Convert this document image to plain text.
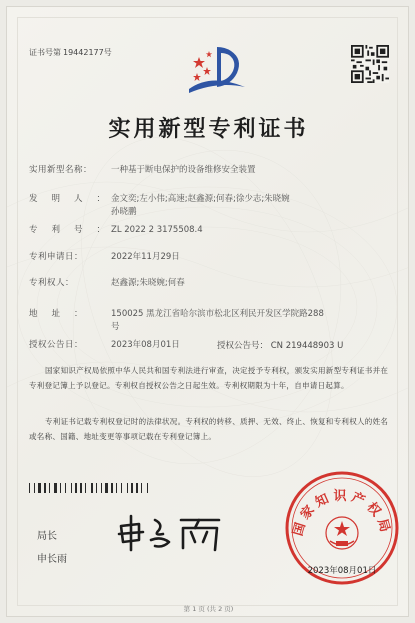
证书号第 19442177号
实用新型专利证书
实用新型名称： 一种基于断电保护的设备维修安全装置
发明人：
金文奕;左小伟;高速;赵鑫源;何春;徐少志;朱晓婉
孙晓鹏
专利号：
ZL 2022 2 3175508.4
专利申请日：	2022年11月29日
专利权人：	赵鑫源;朱晓婉;何春
地址： 150025 黑龙江省哈尔滨市松北区利民开发区学院路288
号
授权公告日：	2023年08月01日	授权公告号： CN 219448903 U
国家知识产权局依照中华人民共和国专利法进行审查，决定授予专利权，颁发实用新型专利证书并在专利登记簿上予以登记。专利权自授权公告之日起生效。专利权期限为十年，自申请日起算。
专利证书记载专利权登记时的法律状况。专利权的转移、质押、无效、终止、恢复和专利权人的姓名或名称、国籍、地址变更等事项记载在专利登记簿上。
局长
申长雨
国家知识产权局
2023年08月01日
第 1 页 (共 2 页)
